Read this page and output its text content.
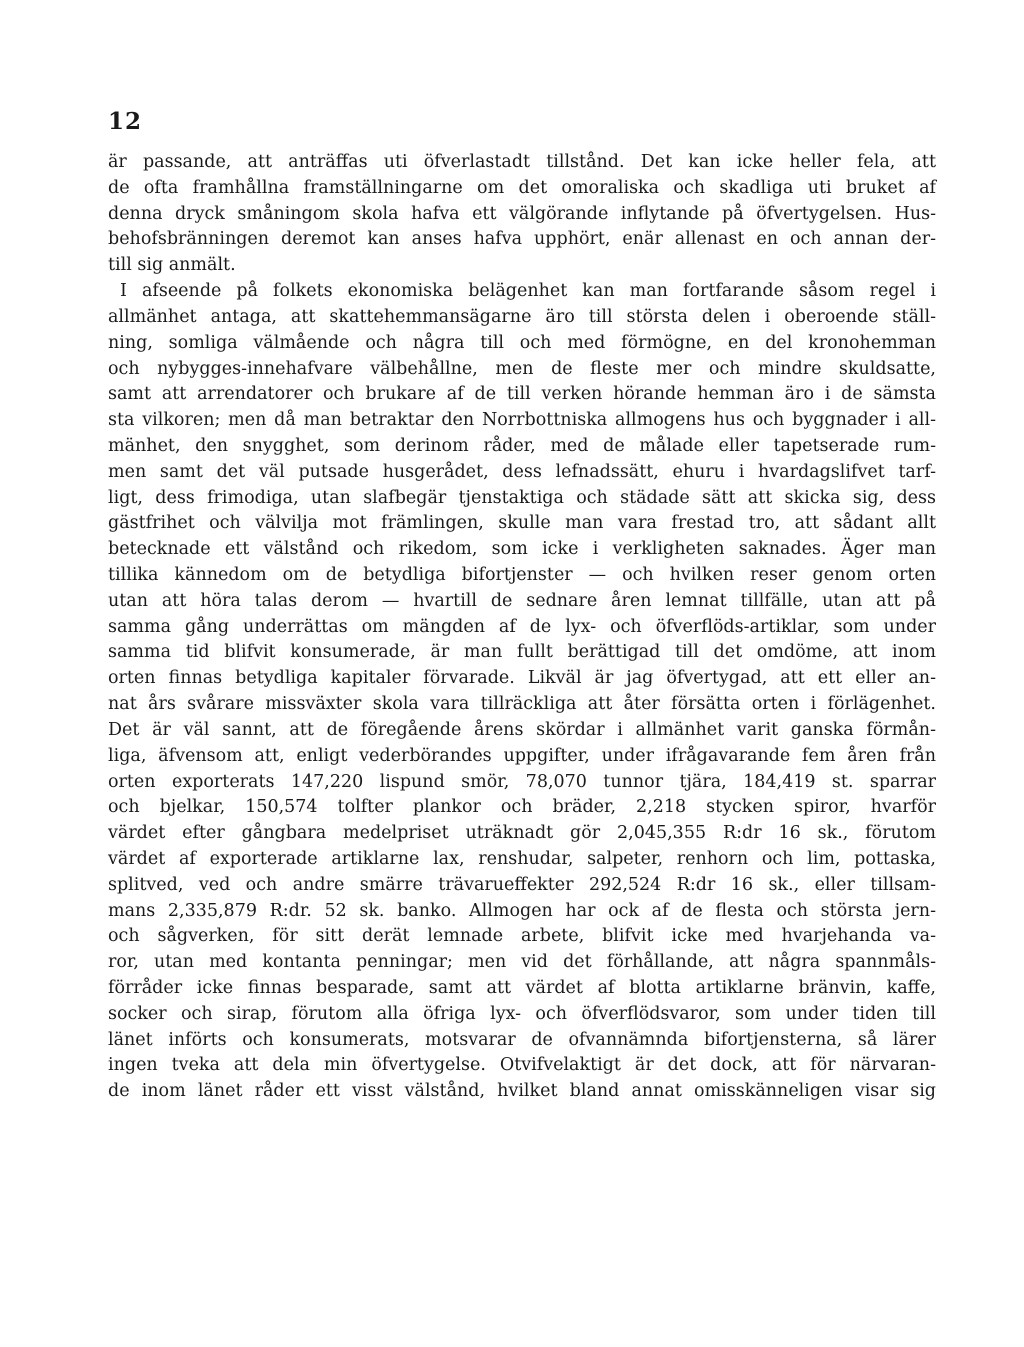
12
är passande, att anträffas uti öfverlastadt tillstånd. Det kan icke heller fela, att
de ofta framhållna framställningarne om det omoraliska och skadliga uti bruket af
denna dryck småningom skola hafva ett välgörande inflytande på öfvertygelsen. Hus-
behofsbränningen deremot kan anses hafva upphört, enär allenast en och annan der-
till sig anmält.
I afseende på folkets ekonomiska belägenhet kan man fortfarande såsom regel i
allmänhet antaga, att skattehemmansägarne äro till största delen i oberoende ställ-
ning, somliga välmående och några till och med förmögne, en del kronohemman
och nybygges-innehafvare välbehållne, men de fleste mer och mindre skuldsatte,
samt att arrendatorer och brukare af de till verken hörande hemman äro i de sämsta
sta vilkoren; men då man betraktar den Norrbottniska allmogens hus och byggnader i all-
mänhet, den snygghet, som derinom råder, med de målade eller tapetserade rum-
men samt det väl putsade husgerådet, dess lefnadssätt, ehuru i hvardagslifvet tarf-
ligt, dess frimodiga, utan slafbegär tjenstaktiga och städade sätt att skicka sig, dess
gästfrihet och välvilja mot främlingen, skulle man vara frestad tro, att sådant allt
betecknade ett välstånd och rikedom, som icke i verkligheten saknades. Äger man
tillika kännedom om de betydliga bifortjenster — och hvilken reser genom orten
utan att höra talas derom — hvartill de sednare åren lemnat tillfälle, utan att på
samma gång underrättas om mängden af de lyx- och öfverflöds-artiklar, som under
samma tid blifvit konsumerade, är man fullt berättigad till det omdöme, att inom
orten finnas betydliga kapitaler förvarade. Likväl är jag öfvertygad, att ett eller an-
nat års svårare missväxter skola vara tillräckliga att åter försätta orten i förlägenhet.
Det är väl sannt, att de föregående årens skördar i allmänhet varit ganska förmån-
liga, äfvensom att, enligt vederbörandes uppgifter, under ifrågavarande fem åren från
orten exporterats 147,220 lispund smör, 78,070 tunnor tjära, 184,419 st. sparrar
och bjelkar, 150,574 tolfter plankor och bräder, 2,218 stycken spiror, hvarför
värdet efter gångbara medelpriset uträknadt gör 2,045,355 R:dr 16 sk., förutom
värdet af exporterade artiklarne lax, renshudar, salpeter, renhorn och lim, pottaska,
splitved, ved och andre smärre trävarueffekter 292,524 R:dr 16 sk., eller tillsam-
mans 2,335,879 R:dr. 52 sk. banko. Allmogen har ock af de flesta och största jern-
och sågverken, för sitt derät lemnade arbete, blifvit icke med hvarjehanda va-
ror, utan med kontanta penningar; men vid det förhållande, att några spannmåls-
förråder icke finnas besparade, samt att värdet af blotta artiklarne bränvin, kaffe,
socker och sirap, förutom alla öfriga lyx- och öfverflödsvaror, som under tiden till
länet införts och konsumerats, motsvarar de ofvannämnda bifortjensterna, så lärer
ingen tveka att dela min öfvertygelse. Otvifvelaktigt är det dock, att för närvaran-
de inom länet råder ett visst välstånd, hvilket bland annat omisskänneligen visar sig
